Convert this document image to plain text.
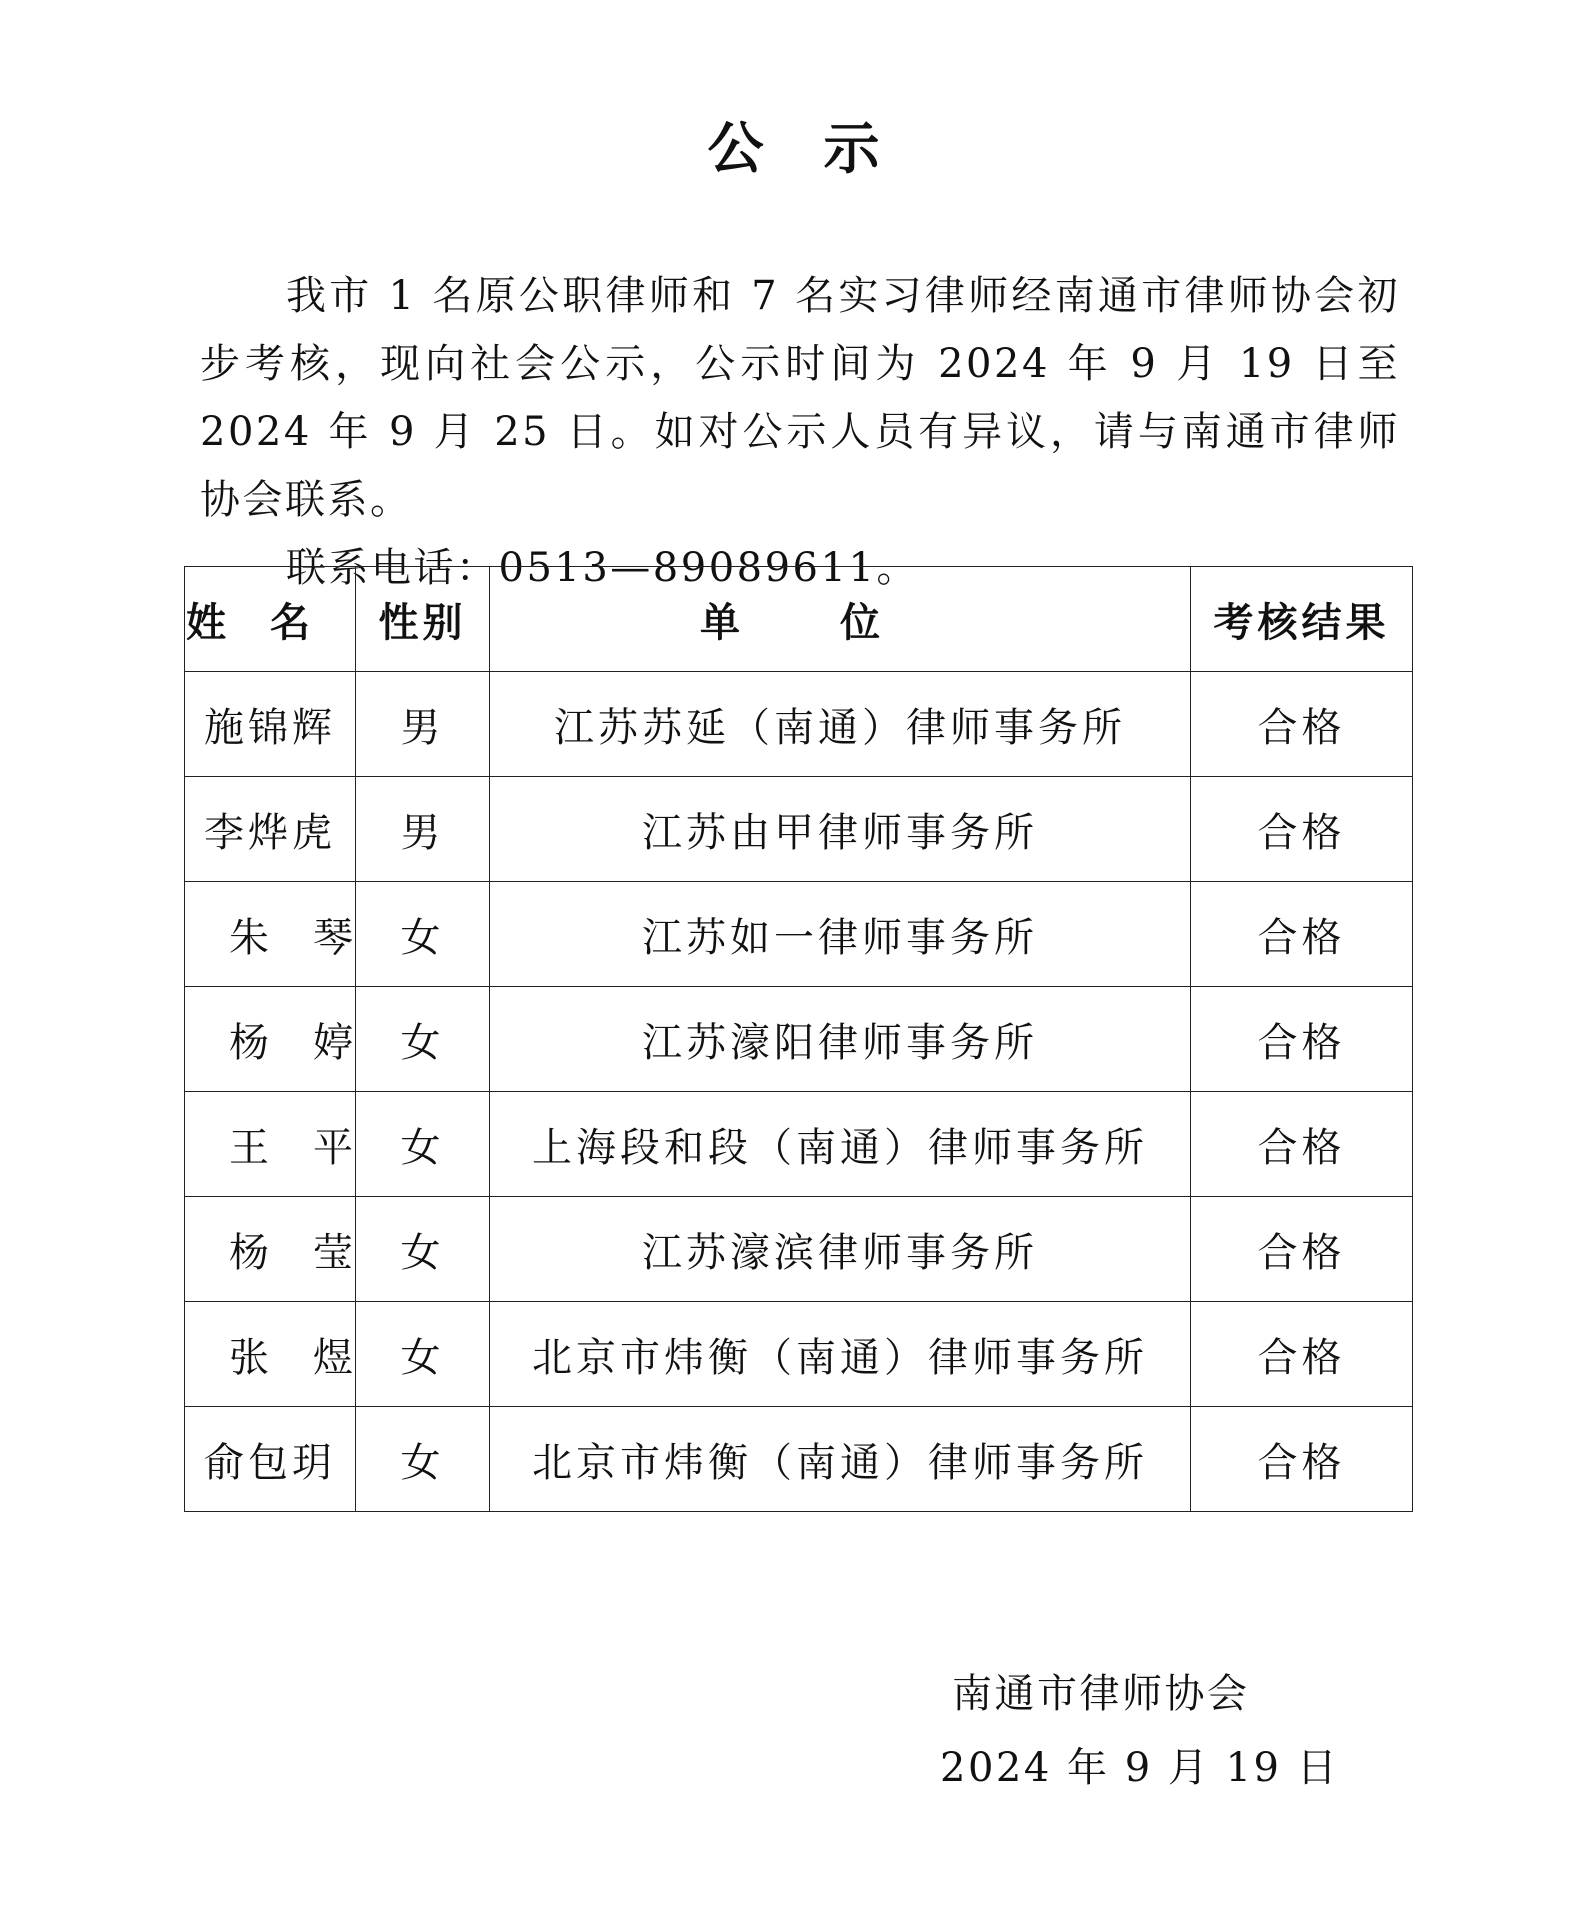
公示

我市 1 名原公职律师和 7 名实习律师经南通市律师协会初步考核，现向社会公示，公示时间为 2024 年 9 月 19 日至 2024 年 9 月 25 日。如对公示人员有异议，请与南通市律师协会联系。

联系电话：0513—89089611。

姓名	性别	单位	考核结果
施锦辉	男	江苏苏延（南通）律师事务所	合格
李烨虎	男	江苏由甲律师事务所	合格
朱琴	女	江苏如一律师事务所	合格
杨婷	女	江苏濠阳律师事务所	合格
王平	女	上海段和段（南通）律师事务所	合格
杨莹	女	江苏濠滨律师事务所	合格
张煜	女	北京市炜衡（南通）律师事务所	合格
俞包玥	女	北京市炜衡（南通）律师事务所	合格
南通市律师协会
2024 年 9 月 19 日
